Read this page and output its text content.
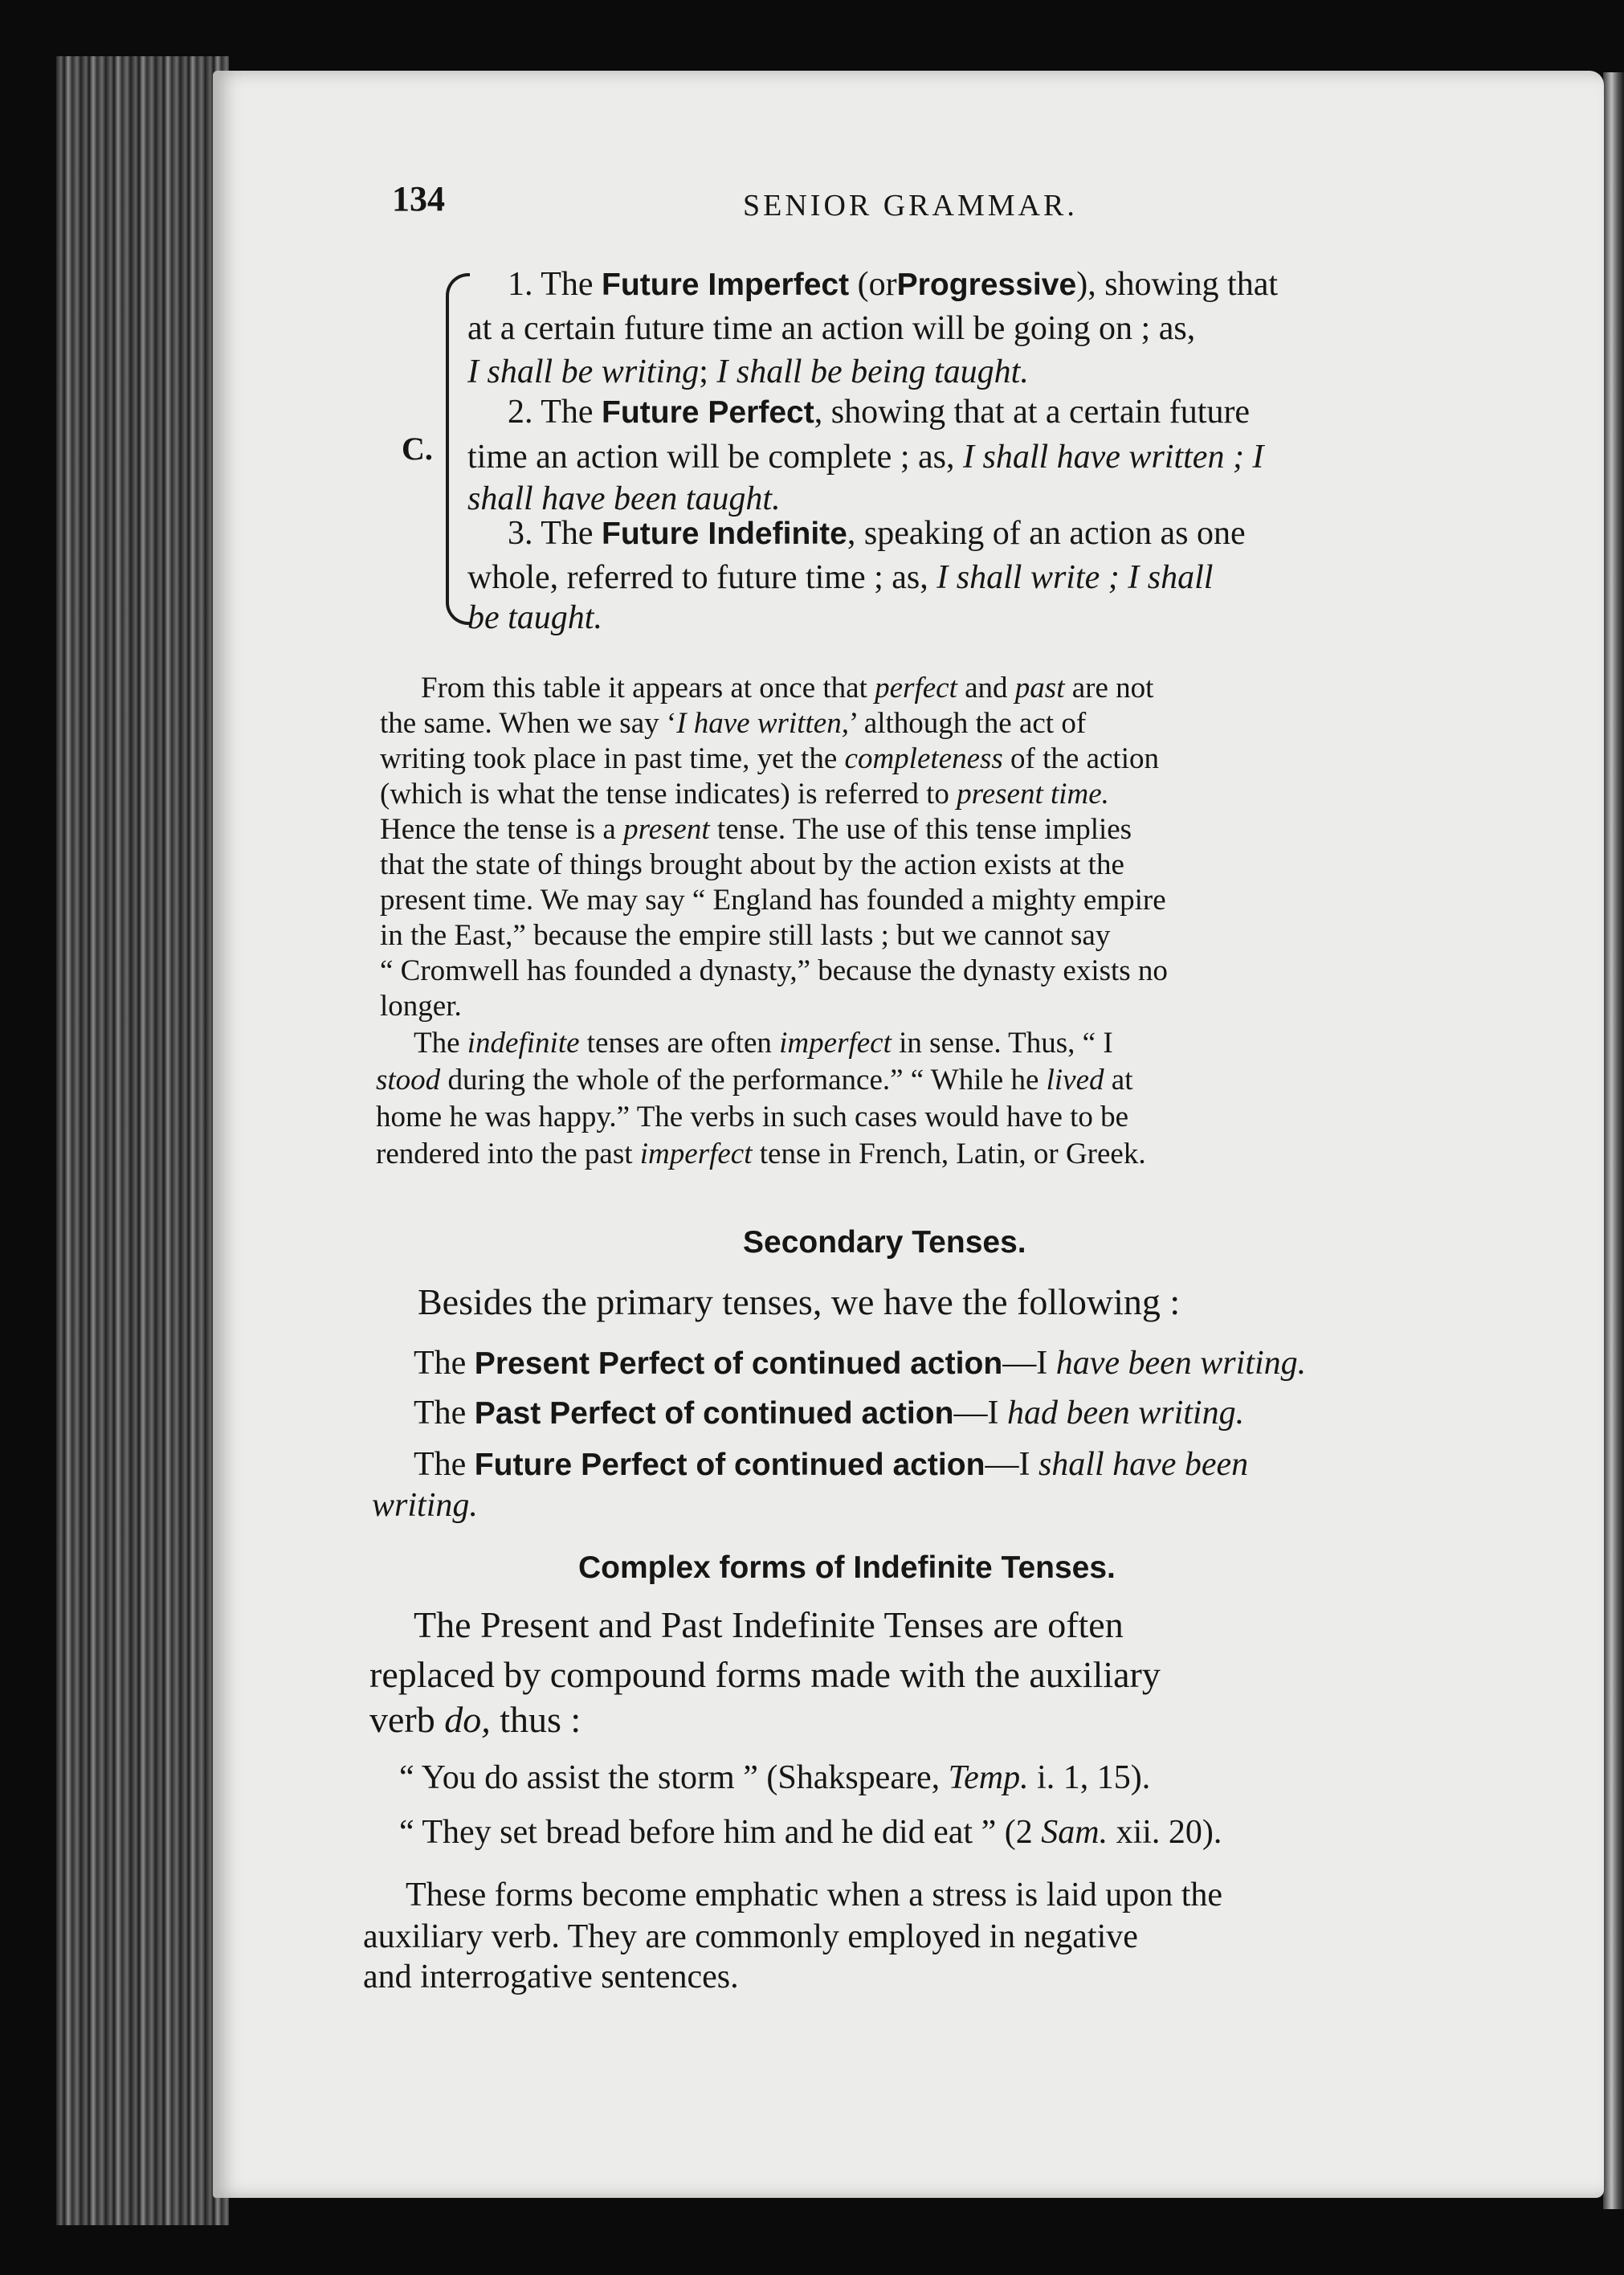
134	SENIOR GRAMMAR.
C.
1. The Future Imperfect (orProgressive), showing that
at a certain future time an action will be going on ; as,
I shall be writing; I shall be being taught.
2. The Future Perfect, showing that at a certain future
time an action will be complete ; as, I shall have written ; I
shall have been taught.
3. The Future Indefinite, speaking of an action as one
whole, referred to future time ; as, I shall write ; I shall
be taught.
From this table it appears at once that perfect and past are not
the same. When we say ‘I have written,’ although the act of
writing took place in past time, yet the completeness of the action
(which is what the tense indicates) is referred to present time.
Hence the tense is a present tense. The use of this tense implies
that the state of things brought about by the action exists at the
present time. We may say “ England has founded a mighty empire
in the East,” because the empire still lasts ; but we cannot say
“ Cromwell has founded a dynasty,” because the dynasty exists no
longer.
The indefinite tenses are often imperfect in sense. Thus, “ I
stood during the whole of the performance.” “ While he lived at
home he was happy.” The verbs in such cases would have to be
rendered into the past imperfect tense in French, Latin, or Greek.
Secondary Tenses.
Besides the primary tenses, we have the following :
The Present Perfect of continued action—I have been writing.
The Past Perfect of continued action—I had been writing.
The Future Perfect of continued action—I shall have been
writing.
Complex forms of Indefinite Tenses.
The Present and Past Indefinite Tenses are often
replaced by compound forms made with the auxiliary
verb do, thus :
“ You do assist the storm ” (Shakspeare, Temp. i. 1, 15).
“ They set bread before him and he did eat ” (2 Sam. xii. 20).
These forms become emphatic when a stress is laid upon the
auxiliary verb. They are commonly employed in negative
and interrogative sentences.
